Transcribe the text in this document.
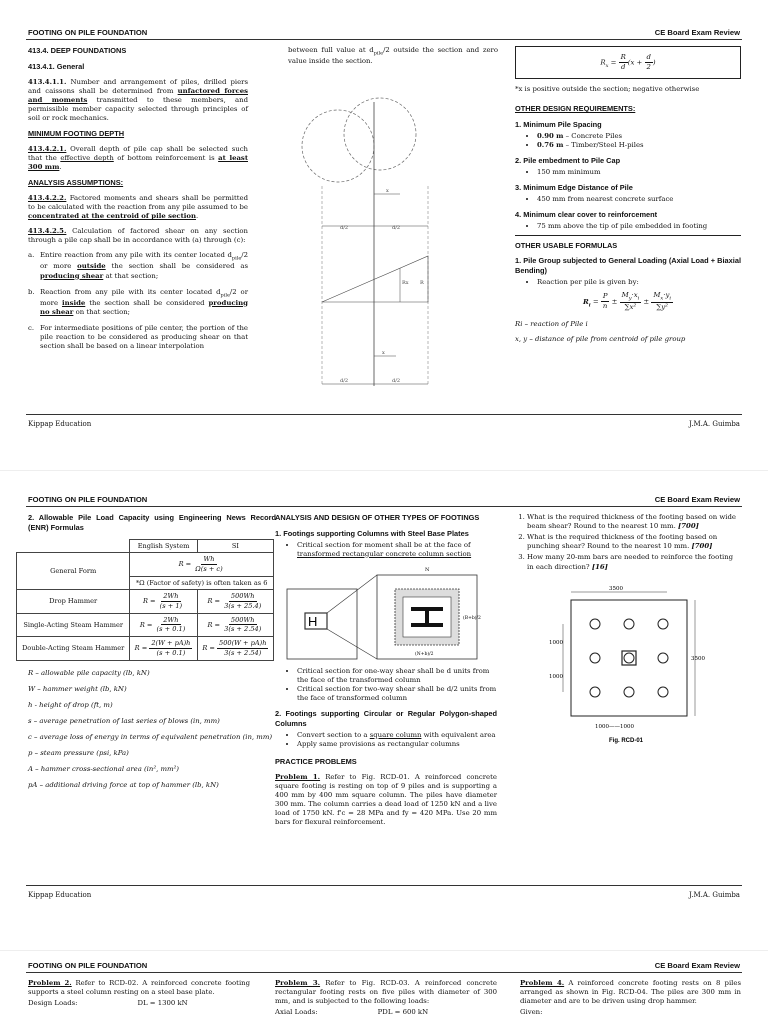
FOOTING ON PILE FOUNDATION	CE Board Exam Review

413.4. DEEP FOUNDATIONS

413.4.1. General

413.4.1.1. Number and arrangement of piles, drilled piers and caissons shall be determined from unfactored forces and moments transmitted to these members, and permissible member capacity selected through principles of soil or rock mechanics.

MINIMUM FOOTING DEPTH

413.4.2.1. Overall depth of pile cap shall be selected such that the effective depth of bottom reinforcement is at least 300 mm.

ANALYSIS ASSUMPTIONS:

413.4.2.2. Factored moments and shears shall be permitted to be calculated with the reaction from any pile assumed to be concentrated at the centroid of pile section.

413.4.2.5. Calculation of factored shear on any section through a pile cap shall be in accordance with (a) through (c):

a. Entire reaction from any pile with its center located $d_{pile}/2$ or more outside the section shall be considered as producing shear at that section;

b. Reaction from any pile with its center located $d_{pile}/2$ or more inside the section shall be considered producing no shear on that section;

c. For intermediate positions of pile center, the portion of the pile reaction to be considered as producing shear on that section shall be based on a linear interpolation

between full value at $d_{pile}/2$ outside the section and zero value inside the section.

x
d/2	d/2
Rx R
x
d/2	d/2
$R_x = \frac{R}{d} (x + \frac{d}{2}$ )

*x is positive outside the section; negative otherwise

OTHER DESIGN REQUIREMENTS:

1. Minimum Pile Spacing

• 0.90 m – Concrete Piles
• 0.76 m – Timber/Steel H-piles

2. Pile embedment to Pile Cap

• 150 mm minimum

3. Minimum Edge Distance of Pile

• 450 mm from nearest concrete surface

4. Minimum clear cover to reinforcement

• 75 mm above the tip of pile embedded in footing

OTHER USABLE FORMULAS

1. Pile Group subjected to General Loading (Axial Load + Biaxial Bending)

• Reaction per pile is given by:
$R_i = \frac{P}{n} \pm \frac{M_y\cdot x_i}{\text{∑x²}} \pm \frac{M_x\cdot y_i}{\text{∑y²}}$

Ri – reaction of Pile i

x, y – distance of pile from centroid of pile group

Kippap Education	J.M.A. Guimba
FOOTING ON PILE FOUNDATION	CE Board Exam Review

2. Allowable Pile Load Capacity using Engineering News Record (ENR) Formulas

	English System	SI
General Form	$R = \frac{Wh}{\Omega(s + c)}$

	*Ω (Factor of safety) is often taken as 6	
Drop Hammer	$R = \frac{2Wh}{(s + 1)}$	$R = \frac{500Wh}{3(s + 25.4)}$

Single-Acting Steam Hammer	$R = \frac{2Wh}{(s + 0.1)}$	$R = \frac{500Wh}{3(s + 2.54)}$

Double-Acting Steam Hammer	$R = \frac{2(W + pA)h}{(s + 0.1)}$	$R = \frac{500(W + pA)h}{3(s + 2.54)}$

R – allowable pile capacity (lb, kN)

W – hammer weight (lb, kN)

h - height of drop (ft, m)

s – average penetration of last series of blows (in, mm)

c – average loss of energy in terms of equivalent penetration (in, mm)

p – steam pressure (psi, kPa)

A – hammer cross-sectional area (in², mm²)

pA – additional driving force at top of hammer (lb, kN)

ANALYSIS AND DESIGN OF OTHER TYPES OF FOOTINGS

1. Footings supporting Columns with Steel Base Plates

• Critical section for moment shall be at the face of transformed rectangular concrete column section
H
N
(B+b)/2
(N+b)/2
• Critical section for one-way shear shall be d units from the face of the transformed column
• Critical section for two-way shear shall be d/2 units from the face of transformed column

2. Footings supporting Circular or Regular Polygon-shaped Columns

• Convert section to a square column with equivalent area
• Apply same provisions as rectangular columns

PRACTICE PROBLEMS

Problem 1. Refer to Fig. RCD-01. A reinforced concrete square footing is resting on top of 9 piles and is supporting a 400 mm by 400 mm square column. The piles have diameter 300 mm. The column carries a dead load of 1250 kN and a live load of 1750 kN. f'c = 28 MPa and fy = 420 MPa. Use 20 mm bars for flexural reinforcement.

1. What is the required thickness of the footing based on wide beam shear? Round to the nearest 10 mm. [700]
2. What is the required thickness of the footing based on punching shear? Round to the nearest 10 mm. [700]
3. How many 20-mm bars are needed to reinforce the footing in each direction? [16]
3500
3500
1000
1000
1000——1000
Fig. RCD-01
Kippap Education	J.M.A. Guimba
FOOTING ON PILE FOUNDATION	CE Board Exam Review

Problem 2. Refer to RCD-02. A reinforced concrete footing supports a steel column resting on a steel base plate.

Design Loads:	DL = 1300 kN

Problem 3. Refer to Fig. RCD-03. A reinforced concrete rectangular footing rests on five piles with diameter of 300 mm, and is subjected to the following loads:

Axial Loads:	PDL = 600 kN

Problem 4. A reinforced concrete footing rests on 8 piles arranged as shown in Fig. RCD-04. The piles are 300 mm in diameter and are to be driven using drop hammer.

Given:
